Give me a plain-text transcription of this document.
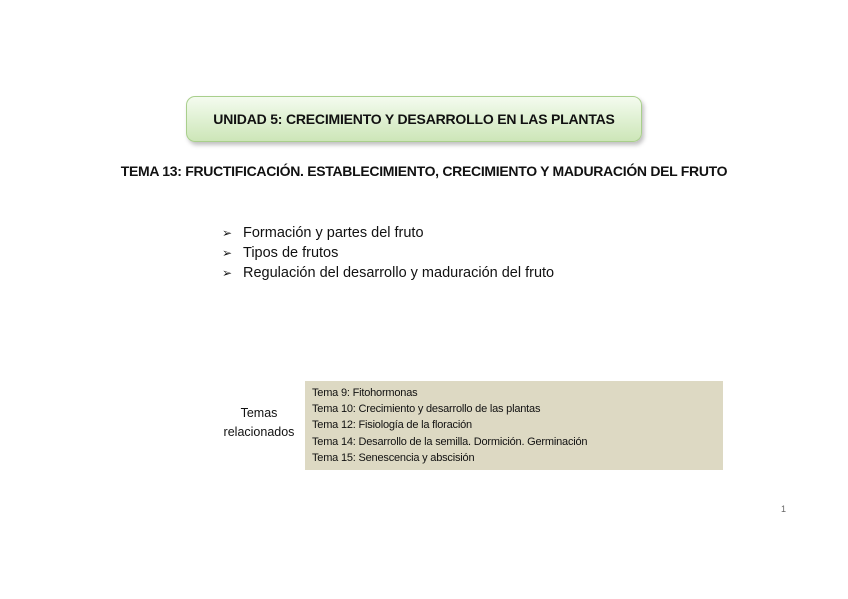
UNIDAD 5: CRECIMIENTO Y DESARROLLO EN LAS PLANTAS
TEMA 13: FRUCTIFICACIÓN. ESTABLECIMIENTO, CRECIMIENTO Y MADURACIÓN DEL FRUTO
➢ Formación y partes del fruto
➢ Tipos de frutos
➢ Regulación del desarrollo y maduración del fruto
Temas
relacionados
Tema 9: Fitohormonas
Tema 10: Crecimiento y desarrollo de las plantas
Tema 12: Fisiología de la floración
Tema 14: Desarrollo de la semilla. Dormición. Germinación
Tema 15: Senescencia y abscisión
1
